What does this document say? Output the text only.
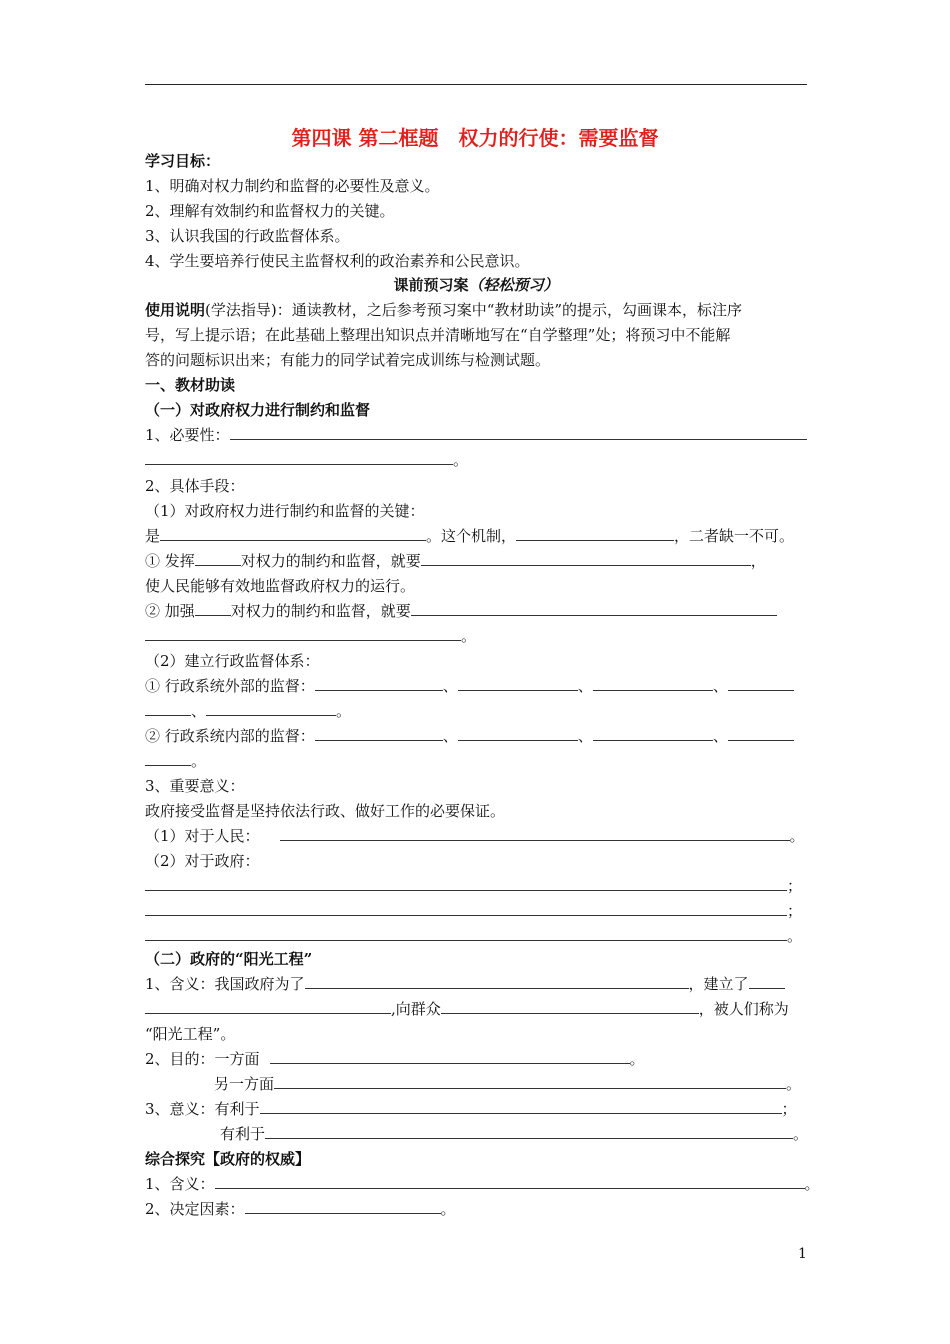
第四课 第二框题　权力的行使：需要监督
学习目标：
1、明确对权力制约和监督的必要性及意义。
2、理解有效制约和监督权力的关键。
3、认识我国的行政监督体系。
4、学生要培养行使民主监督权利的政治素养和公民意识。
课前预习案（轻松预习）
使用说明(学法指导)：通读教材，之后参考预习案中“教材助读”的提示，勾画课本，标注序
号，写上提示语；在此基础上整理出知识点并清晰地写在“自学整理”处；将预习中不能解
答的问题标识出来；有能力的同学试着完成训练与检测试题。
一、教材助读
（一）对政府权力进行制约和监督
1、必要性：
。
2、具体手段：
（1）对政府权力进行制约和监督的关键：
是	。这个机制，	，二者缺一不可。
① 发挥	对权力的制约和监督，就要	，
使人民能够有效地监督政府权力的运行。
② 加强 对权力的制约和监督，就要
。
（2）建立行政监督体系：
① 行政系统外部的监督：	、	、	、
、	。
② 行政系统内部的监督：	、	、	、
。
3、重要意义：
政府接受监督是坚持依法行政、做好工作的必要保证。
（1）对于人民：	。
（2）对于政府：
；
；
。
（二）政府的“阳光工程”
1、含义：我国政府为了	，建立了
,向群众	，被人们称为
“阳光工程”。
2、目的：一方面	。
另一方面	。
3、意义：有利于	；
有利于	。
综合探究【政府的权威】
1、含义：	。
2、决定因素：	。
1
